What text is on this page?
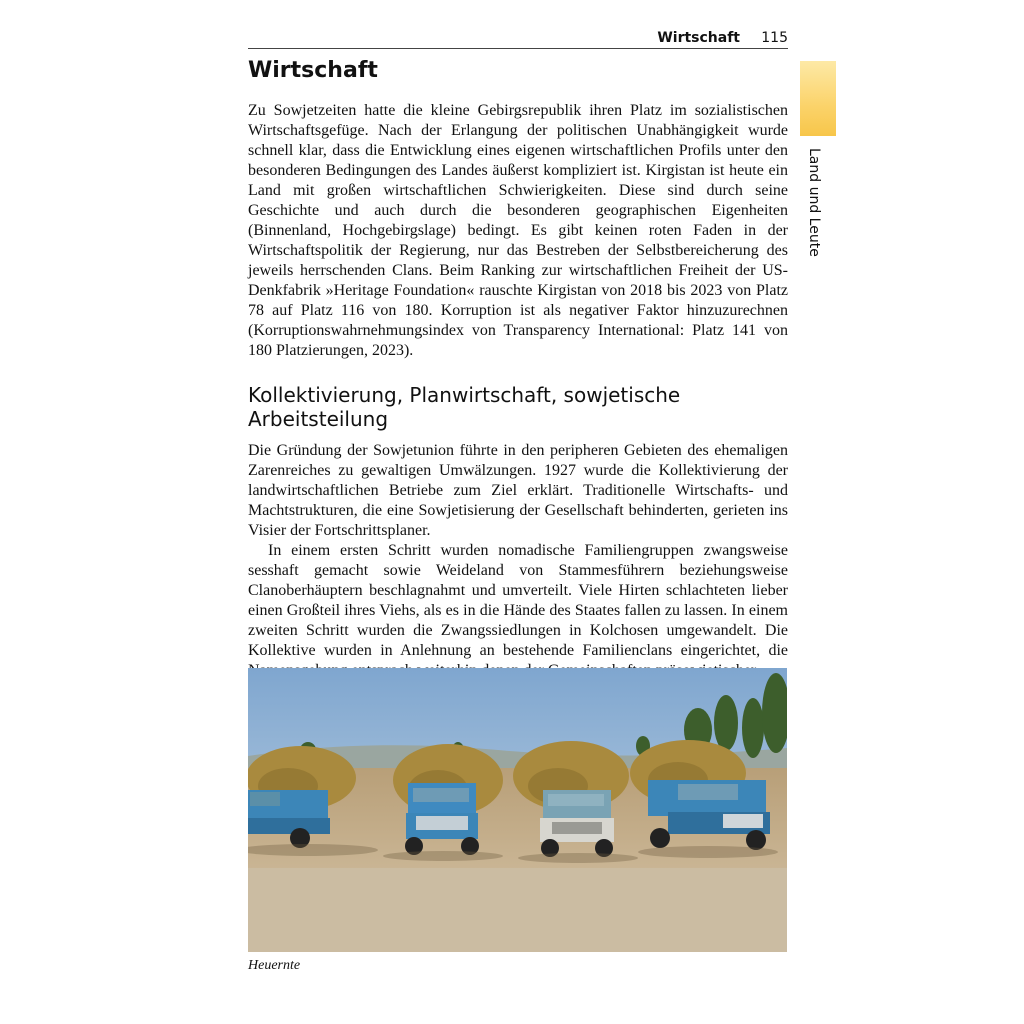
Wirtschaft 115
Land und Leute
Wirtschaft

Zu Sowjetzeiten hatte die kleine Gebirgsrepublik ihren Platz im sozialistischen Wirtschaftsgefüge. Nach der Erlangung der politischen Unabhängigkeit wurde schnell klar, dass die Entwicklung eines eigenen wirtschaftlichen Profils unter den besonderen Bedingungen des Landes äußerst kompliziert ist. Kirgistan ist heute ein Land mit großen wirtschaftlichen Schwierigkeiten. Diese sind durch seine Geschichte und auch durch die besonderen geographischen Eigenheiten (Binnenland, Hochgebirgslage) bedingt. Es gibt keinen roten Faden in der Wirtschaftspolitik der Regierung, nur das Bestreben der Selbstbereicherung des jeweils herrschenden Clans. Beim Ranking zur wirtschaftlichen Freiheit der US-Denkfabrik »Heritage Foundation« rauschte Kirgistan von 2018 bis 2023 von Platz 78 auf Platz 116 von 180. Korruption ist als negativer Faktor hinzuzurechnen (Korruptionswahrnehmungsindex von Transparency International: Platz 141 von 180 Platzierungen, 2023).

Kollektivierung, Planwirtschaft, sowjetische Arbeitsteilung

Die Gründung der Sowjetunion führte in den peripheren Gebieten des ehemaligen Zarenreiches zu gewaltigen Umwälzungen. 1927 wurde die Kollektivierung der landwirtschaftlichen Betriebe zum Ziel erklärt. Traditionelle Wirtschafts- und Machtstrukturen, die eine Sowjetisierung der Gesellschaft behinderten, gerieten ins Visier der Fortschrittsplaner.

In einem ersten Schritt wurden nomadische Familiengruppen zwangsweise sesshaft gemacht sowie Weideland von Stammesführern beziehungsweise Clanoberhäuptern beschlagnahmt und umverteilt. Viele Hirten schlachteten lieber einen Großteil ihres Viehs, als es in die Hände des Staates fallen zu lassen. In einem zweiten Schritt wurden die Zwangssiedlungen in Kolchosen umgewandelt. Die Kollektive wurden in Anlehnung an bestehende Familienclans eingerichtet, die

Heuernte
